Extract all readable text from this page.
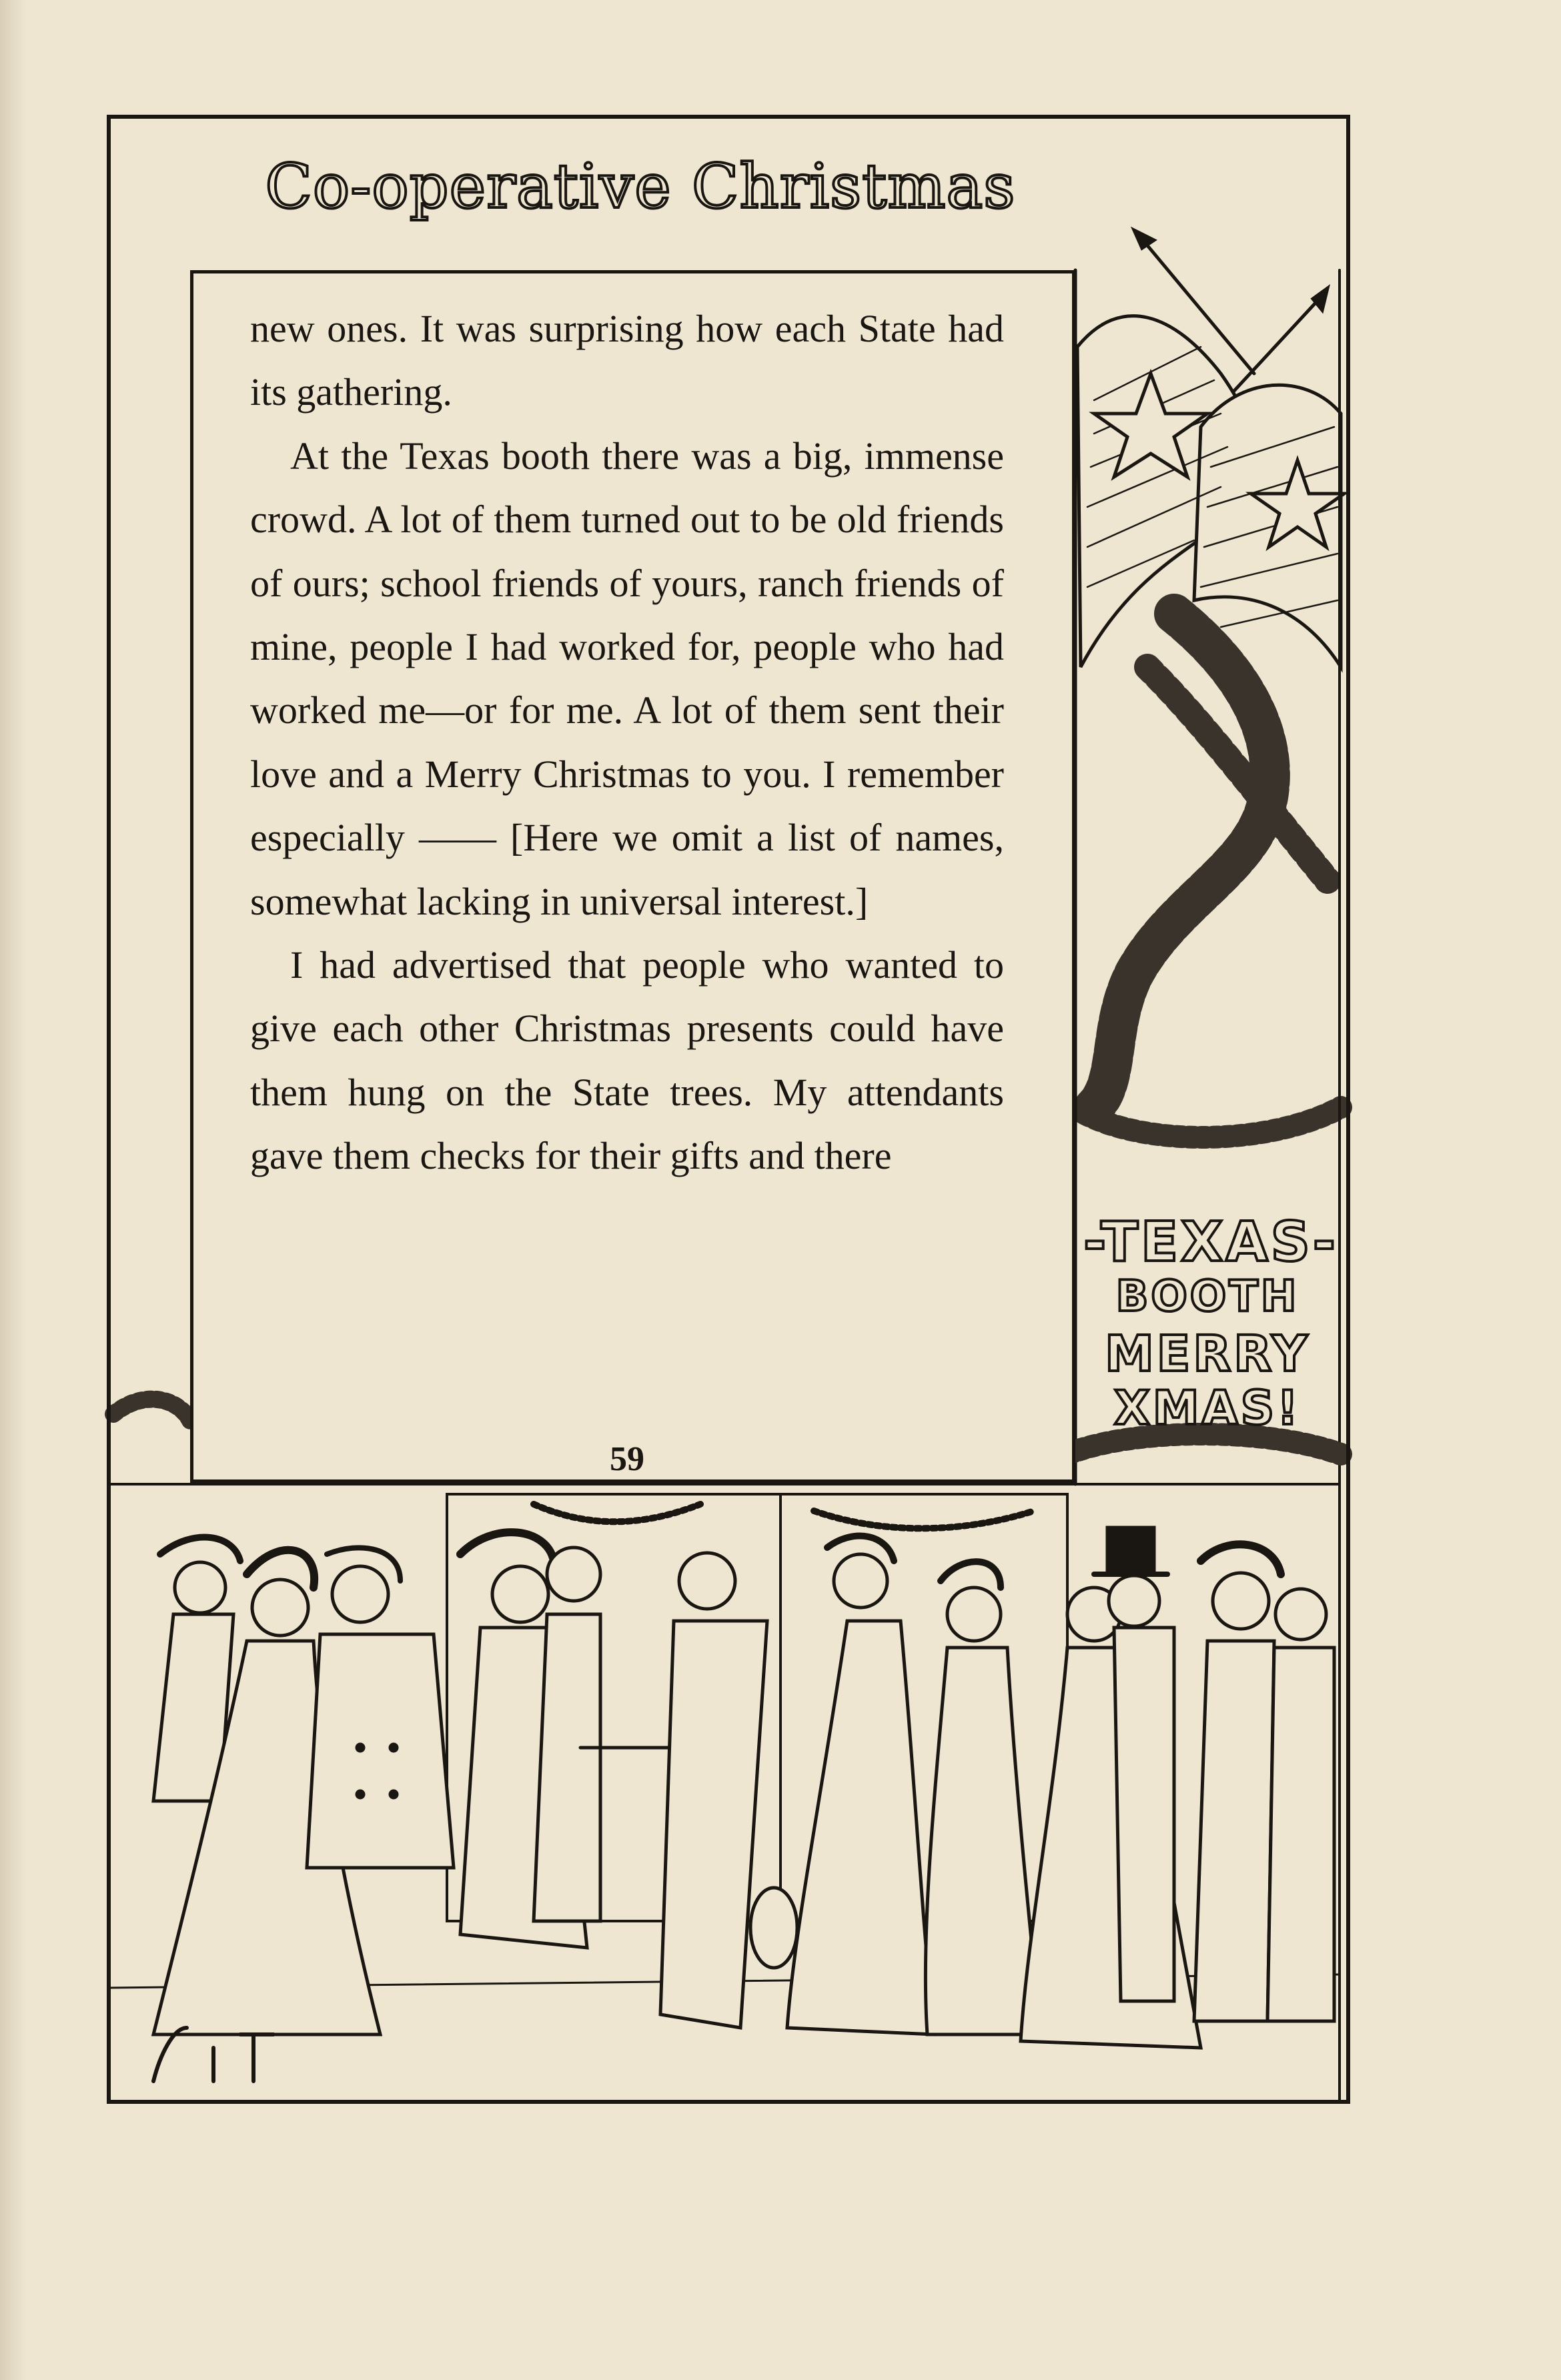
-TEXAS-
BOOTH
MERRY
XMAS!
Co-operative Christmas

new ones. It was surprising how each State had its gathering.

At the Texas booth there was a big, immense crowd. A lot of them turned out to be old friends of ours; school friends of yours, ranch friends of mine, people I had worked for, people who had worked me—or for me. A lot of them sent their love and a Merry Christmas to you. I remember especially —— [Here we omit a list of names, somewhat lacking in universal interest.]

I had advertised that people who wanted to give each other Christmas presents could have them hung on the State trees. My attendants gave them checks for their gifts and there

59
